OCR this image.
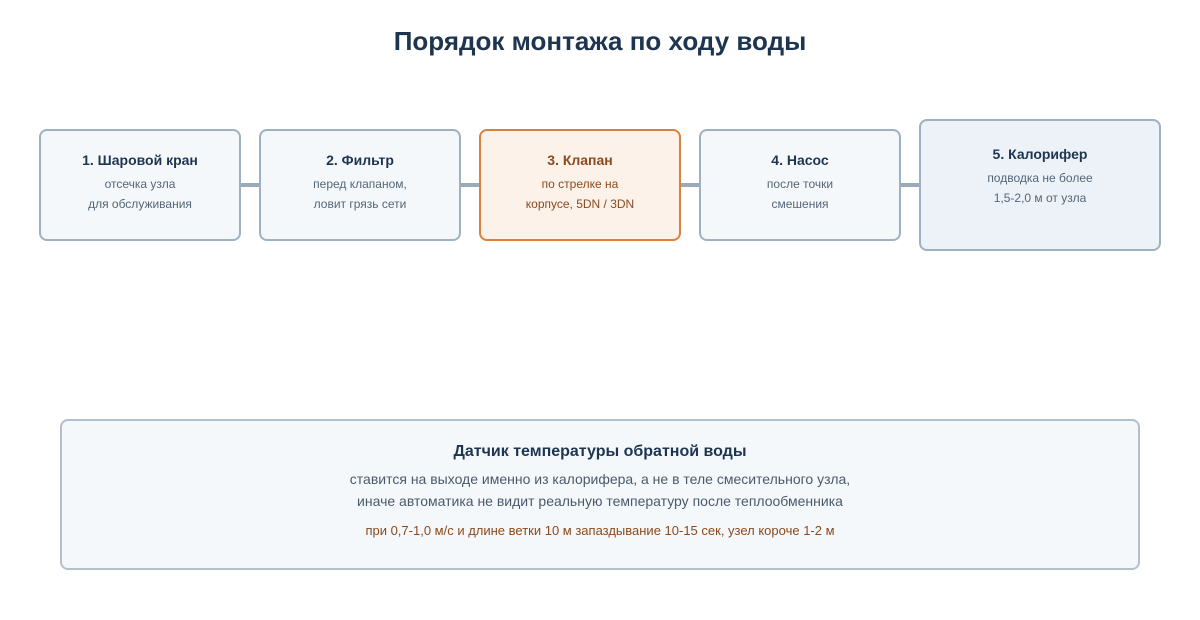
Порядок монтажа по ходу воды
1. Шаровой кран
отсечка узла
для обслуживания
2. Фильтр
перед клапаном,
ловит грязь сети
3. Клапан
по стрелке на
корпусе, 5DN / 3DN
4. Насос
после точки
смешения
5. Калорифер
подводка не более
1,5-2,0 м от узла
Датчик температуры обратной воды
ставится на выходе именно из калорифера, а не в теле смесительного узла,
иначе автоматика не видит реальную температуру после теплообменника
при 0,7-1,0 м/с и длине ветки 10 м запаздывание 10-15 сек, узел короче 1-2 м
